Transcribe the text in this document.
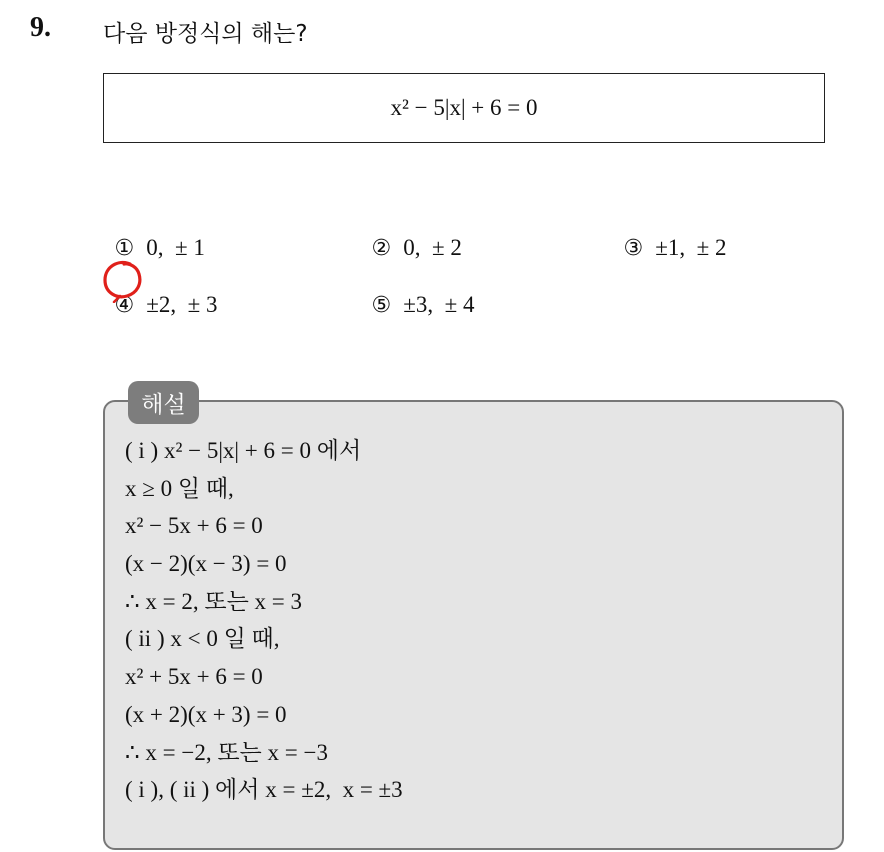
9. 다음 방정식의 해는?
x² − 5|x| + 6 = 0

① 0,  ± 1	② 0,  ± 2	③ ±1,  ± 2

④ ±2,  ± 3	⑤ ±3,  ± 4

해설
( i ) x² − 5|x| + 6 = 0 에서
x ≥ 0 일 때,
x² − 5x + 6 = 0
(x − 2)(x − 3) = 0
∴ x = 2, 또는 x = 3
( ii ) x < 0 일 때,
x² + 5x + 6 = 0
(x + 2)(x + 3) = 0
∴ x = −2, 또는 x = −3
( i ), ( ii ) 에서 x = ±2,  x = ±3
